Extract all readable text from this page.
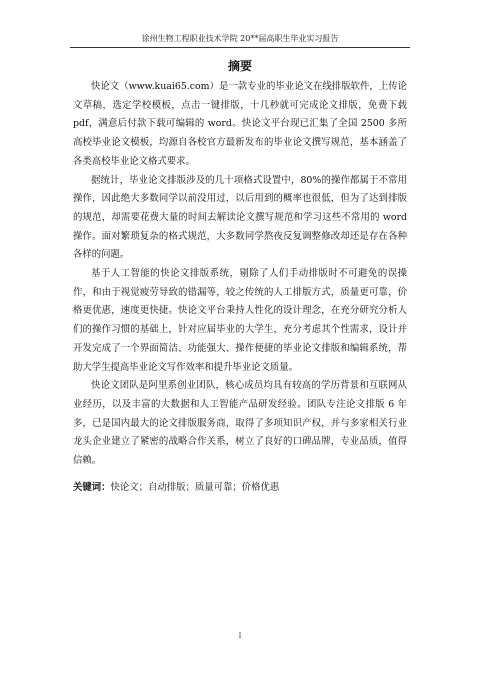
徐州生物工程职业技术学院 20**届高职生毕业实习报告
摘要

快论文（www.kuai65.com）是一款专业的毕业论文在线排版软件，上传论文草稿，选定学校模板，点击一键排版，十几秒就可完成论文排版，免费下载 pdf，满意后付款下载可编辑的 word。快论文平台现已汇集了全国 2500 多所高校毕业论文模板，均源自各校官方最新发布的毕业论文撰写规范，基本涵盖了各类高校毕业论文格式要求。

据统计，毕业论文排版涉及的几十项格式设置中，80%的操作都属于不常用操作，因此绝大多数同学以前没用过，以后用到的概率也很低，但为了达到排版的规范，却需要花费大量的时间去解读论文撰写规范和学习这些不常用的 word 操作。面对繁琐复杂的格式规范，大多数同学熬夜反复调整修改却还是存在各种各样的问题。

基于人工智能的快论文排版系统，剔除了人们手动排版时不可避免的误操作，和由于视觉疲劳导致的错漏等，较之传统的人工排版方式，质量更可靠，价格更优惠，速度更快捷。快论文平台秉持人性化的设计理念，在充分研究分析人们的操作习惯的基础上，针对应届毕业的大学生，充分考虑其个性需求，设计并开发完成了一个界面简洁、功能强大、操作便捷的毕业论文排版和编辑系统，帮助大学生提高毕业论文写作效率和提升毕业论文质量。

快论文团队是阿里系创业团队，核心成员均具有较高的学历背景和互联网从业经历，以及丰富的大数据和人工智能产品研发经验。团队专注论文排版 6 年多，已是国内最大的论文排版服务商，取得了多项知识产权，并与多家相关行业龙头企业建立了紧密的战略合作关系，树立了良好的口碑品牌，专业品质，值得信赖。

关键词：快论文；自动排版；质量可靠；价格优惠

I
